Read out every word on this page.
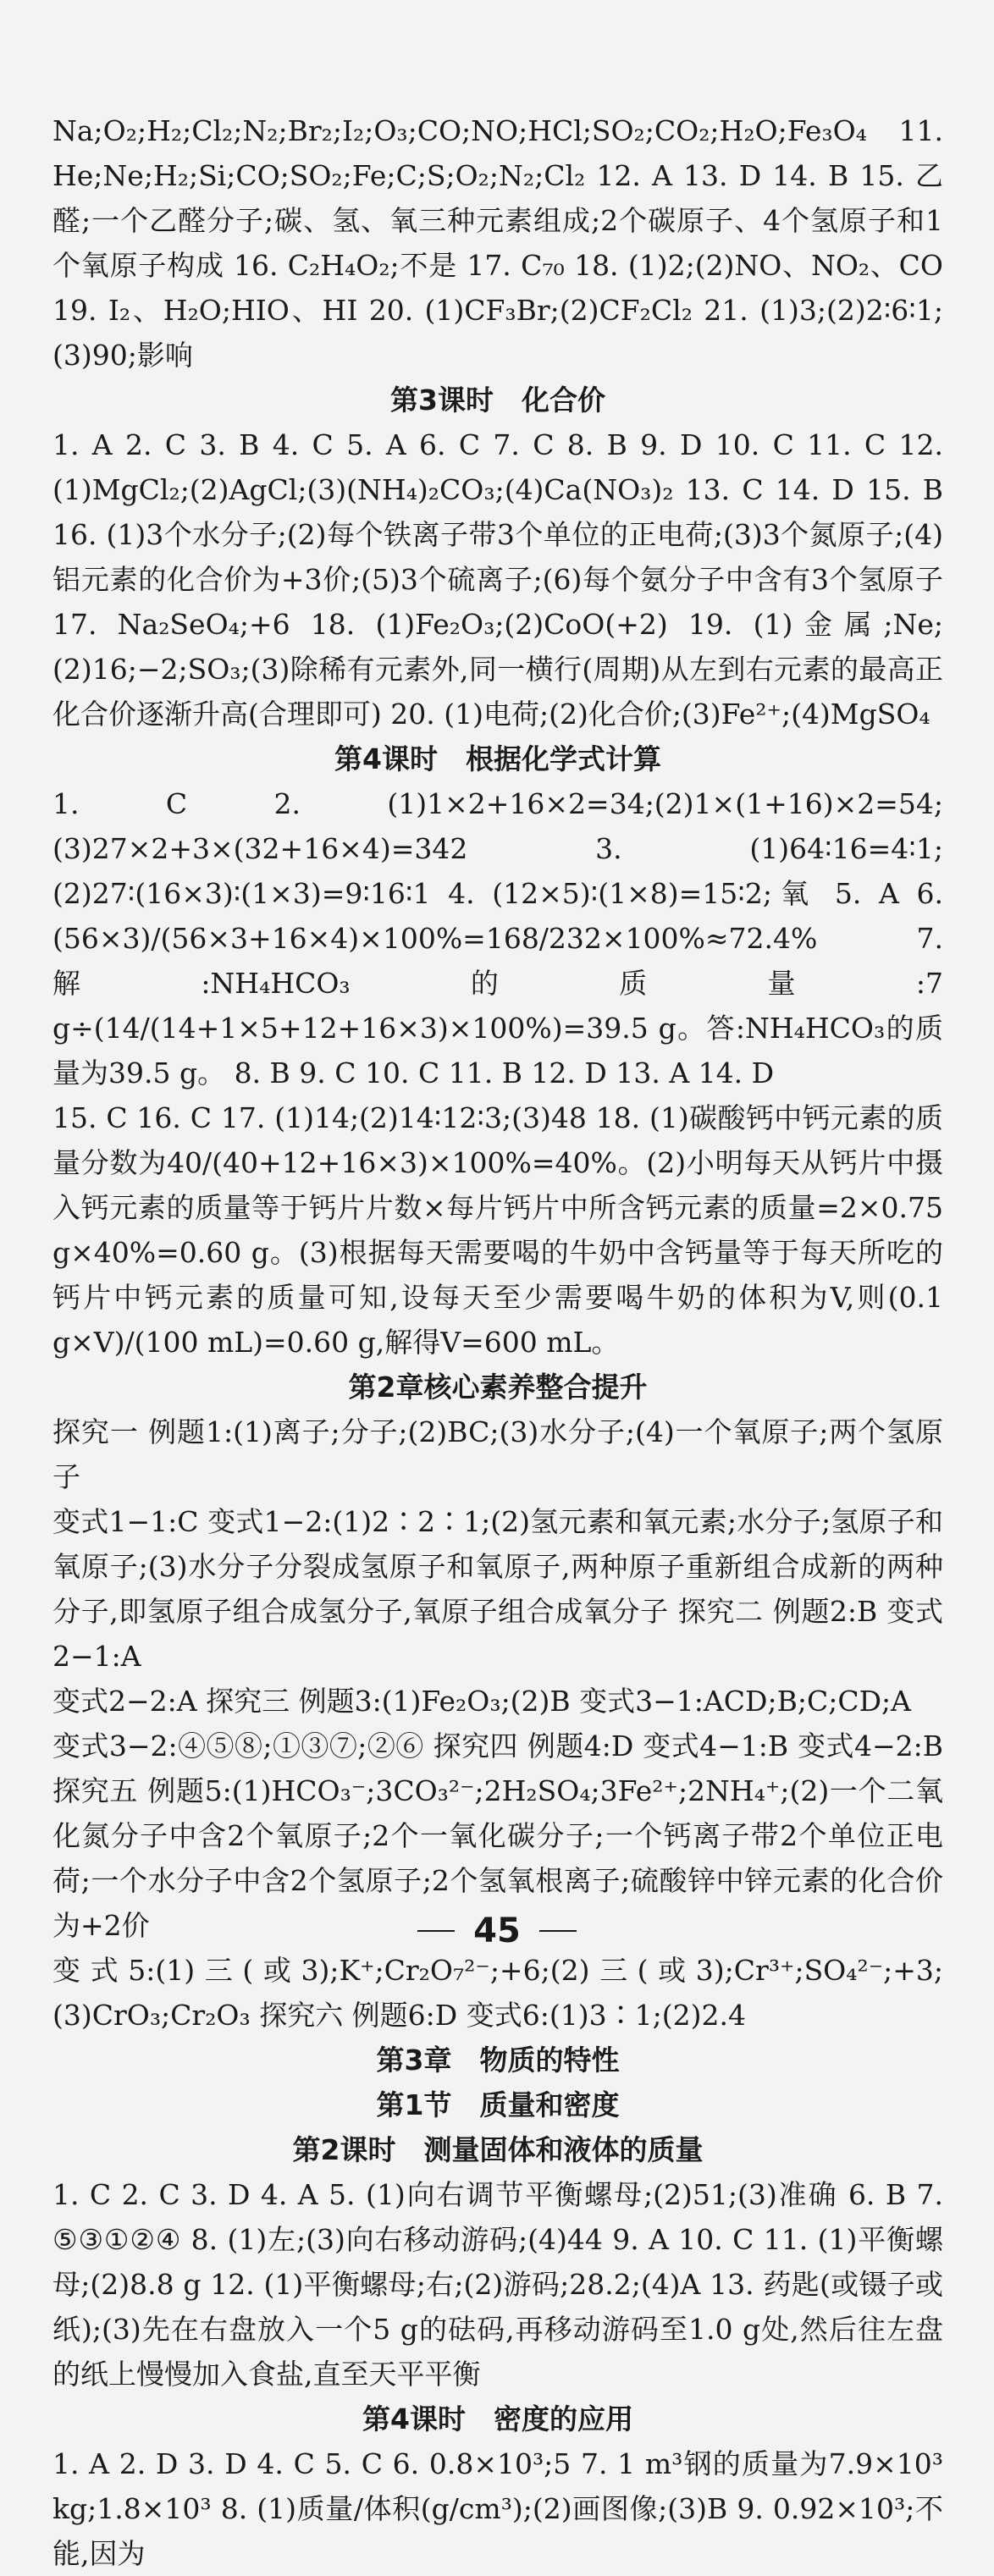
Na;O₂;H₂;Cl₂;N₂;Br₂;I₂;O₃;CO;NO;HCl;SO₂;CO₂;H₂O;Fe₃O₄ 11. He;Ne;H₂;Si;CO;SO₂;Fe;C;S;O₂;N₂;Cl₂ 12. A 13. D 14. B 15. 乙醛;一个乙醛分子;碳、氢、氧三种元素组成;2个碳原子、4个氢原子和1个氧原子构成 16. C₂H₄O₂;不是 17. C₇₀ 18. (1)2;(2)NO、NO₂、CO 19. I₂、H₂O;HIO、HI 20. (1)CF₃Br;(2)CF₂Cl₂ 21. (1)3;(2)2∶6∶1;(3)90;影响

第3课时　化合价

1. A 2. C 3. B 4. C 5. A 6. C 7. C 8. B 9. D 10. C 11. C 12. (1)MgCl₂;(2)AgCl;(3)(NH₄)₂CO₃;(4)Ca(NO₃)₂ 13. C 14. D 15. B 16. (1)3个水分子;(2)每个铁离子带3个单位的正电荷;(3)3个氮原子;(4)铝元素的化合价为+3价;(5)3个硫离子;(6)每个氨分子中含有3个氢原子 17. Na₂SeO₄;+6 18. (1)Fe₂O₃;(2)CoO(+2) 19. (1)金属;Ne;(2)16;−2;SO₃;(3)除稀有元素外,同一横行(周期)从左到右元素的最高正化合价逐渐升高(合理即可) 20. (1)电荷;(2)化合价;(3)Fe²⁺;(4)MgSO₄

第4课时　根据化学式计算

1. C 2. (1)1×2+16×2=34;(2)1×(1+16)×2=54;(3)27×2+3×(32+16×4)=342 3. (1)64∶16=4∶1;(2)27∶(16×3)∶(1×3)=9∶16∶1 4. (12×5)∶(1×8)=15∶2;氧 5. A 6. (56×3)/(56×3+16×4)×100%=168/232×100%≈72.4% 7. 解:NH₄HCO₃的质量:7 g÷(14/(14+1×5+12+16×3)×100%)=39.5 g。答:NH₄HCO₃的质量为39.5 g。 8. B 9. C 10. C 11. B 12. D 13. A 14. D

15. C 16. C 17. (1)14;(2)14∶12∶3;(3)48 18. (1)碳酸钙中钙元素的质量分数为40/(40+12+16×3)×100%=40%。(2)小明每天从钙片中摄入钙元素的质量等于钙片片数×每片钙片中所含钙元素的质量=2×0.75 g×40%=0.60 g。(3)根据每天需要喝的牛奶中含钙量等于每天所吃的钙片中钙元素的质量可知,设每天至少需要喝牛奶的体积为V,则(0.1 g×V)/(100 mL)=0.60 g,解得V=600 mL。

第2章核心素养整合提升

探究一 例题1:(1)离子;分子;(2)BC;(3)水分子;(4)一个氧原子;两个氢原子

变式1−1:C 变式1−2:(1)2∶2∶1;(2)氢元素和氧元素;水分子;氢原子和氧原子;(3)水分子分裂成氢原子和氧原子,两种原子重新组合成新的两种分子,即氢原子组合成氢分子,氧原子组合成氧分子 探究二 例题2:B 变式2−1:A

变式2−2:A 探究三 例题3:(1)Fe₂O₃;(2)B 变式3−1:ACD;B;C;CD;A

变式3−2:④⑤⑧;①③⑦;②⑥ 探究四 例题4:D 变式4−1:B 变式4−2:B 探究五 例题5:(1)HCO₃⁻;3CO₃²⁻;2H₂SO₄;3Fe²⁺;2NH₄⁺;(2)一个二氧化氮分子中含2个氧原子;2个一氧化碳分子;一个钙离子带2个单位正电荷;一个水分子中含2个氢原子;2个氢氧根离子;硫酸锌中锌元素的化合价为+2价

变式5:(1)三(或3);K⁺;Cr₂O₇²⁻;+6;(2)三(或3);Cr³⁺;SO₄²⁻;+3;(3)CrO₃;Cr₂O₃ 探究六 例题6:D 变式6:(1)3∶1;(2)2.4

第3章　物质的特性

第1节　质量和密度

第2课时　测量固体和液体的质量

1. C 2. C 3. D 4. A 5. (1)向右调节平衡螺母;(2)51;(3)准确 6. B 7. ⑤③①②④ 8. (1)左;(3)向右移动游码;(4)44 9. A 10. C 11. (1)平衡螺母;(2)8.8 g 12. (1)平衡螺母;右;(2)游码;28.2;(4)A 13. 药匙(或镊子或纸);(3)先在右盘放入一个5 g的砝码,再移动游码至1.0 g处,然后往左盘的纸上慢慢加入食盐,直至天平平衡

第4课时　密度的应用

1. A 2. D 3. D 4. C 5. C 6. 0.8×10³;5 7. 1 m³钢的质量为7.9×10³ kg;1.8×10³ 8. (1)质量/体积(g/cm³);(2)画图像;(3)B 9. 0.92×10³;不能,因为

45
